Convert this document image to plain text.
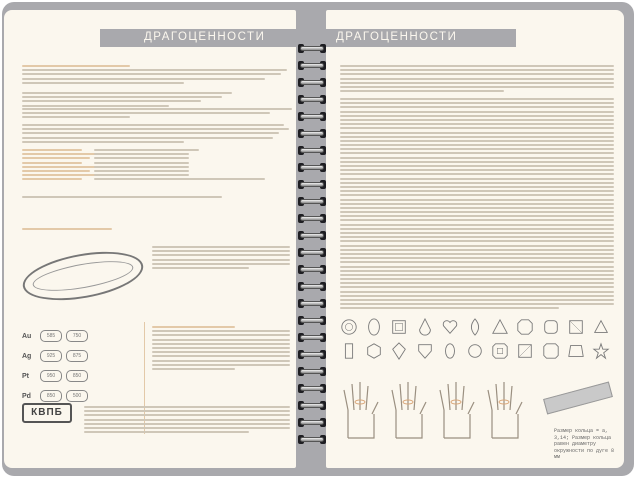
ДРАГОЦЕННОСТИ
Au	585	750
Ag	925	875
Pt	950	850
Pd	850	500
КВПБ
ДРАГОЦЕННОСТИ
Размер кольца = а, 3,14; Размер кольца равен диаметру окружности по дуге 8 мм
